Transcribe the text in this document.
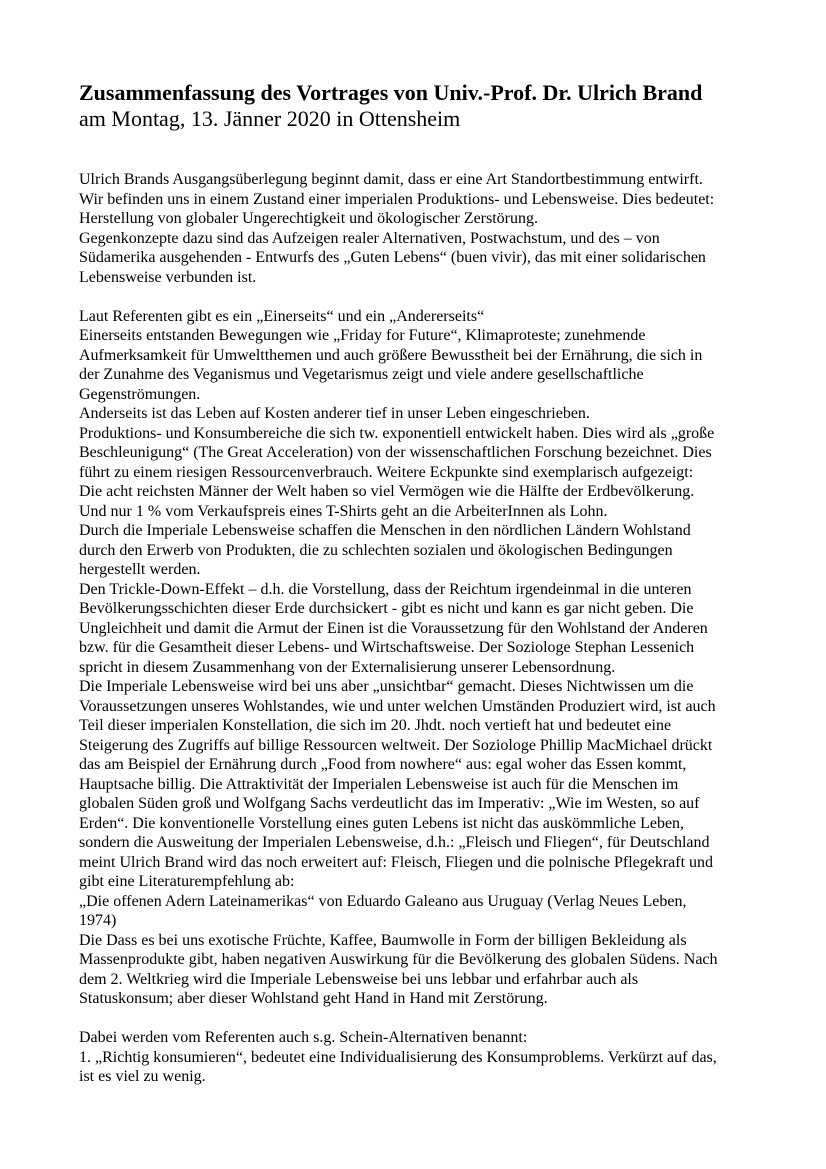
Zusammenfassung des Vortrages von Univ.-Prof. Dr. Ulrich Brand

am Montag, 13. Jänner 2020 in Ottensheim

Ulrich Brands Ausgangsüberlegung beginnt damit, dass er eine Art Standortbestimmung entwirft.

Wir befinden uns in einem Zustand einer imperialen Produktions- und Lebensweise. Dies bedeutet:

Herstellung von globaler Ungerechtigkeit und ökologischer Zerstörung.

Gegenkonzepte dazu sind das Aufzeigen realer Alternativen, Postwachstum, und des – von

Südamerika ausgehenden - Entwurfs des „Guten Lebens“ (buen vivir), das mit einer solidarischen

Lebensweise verbunden ist.

Laut Referenten gibt es ein „Einerseits“ und ein „Andererseits“

Einerseits entstanden Bewegungen wie „Friday for Future“, Klimaproteste; zunehmende

Aufmerksamkeit für Umweltthemen und auch größere Bewusstheit bei der Ernährung, die sich in

der Zunahme des Veganismus und Vegetarismus zeigt und viele andere gesellschaftliche

Gegenströmungen.

Anderseits ist das Leben auf Kosten anderer tief in unser Leben eingeschrieben.

Produktions- und Konsumbereiche die sich tw. exponentiell entwickelt haben. Dies wird als „große

Beschleunigung“ (The Great Acceleration) von der wissenschaftlichen Forschung bezeichnet. Dies

führt zu einem riesigen Ressourcenverbrauch. Weitere Eckpunkte sind exemplarisch aufgezeigt:

Die acht reichsten Männer der Welt haben so viel Vermögen wie die Hälfte der Erdbevölkerung.

Und nur 1 % vom Verkaufspreis eines T-Shirts geht an die ArbeiterInnen als Lohn.

Durch die Imperiale Lebensweise schaffen die Menschen in den nördlichen Ländern Wohlstand

durch den Erwerb von Produkten, die zu schlechten sozialen und ökologischen Bedingungen

hergestellt werden.

Den Trickle-Down-Effekt – d.h. die Vorstellung, dass der Reichtum irgendeinmal in die unteren

Bevölkerungsschichten dieser Erde durchsickert - gibt es nicht und kann es gar nicht geben. Die

Ungleichheit und damit die Armut der Einen ist die Voraussetzung für den Wohlstand der Anderen

bzw. für die Gesamtheit dieser Lebens- und Wirtschaftsweise. Der Soziologe Stephan Lessenich

spricht in diesem Zusammenhang von der Externalisierung unserer Lebensordnung.

Die Imperiale Lebensweise wird bei uns aber „unsichtbar“ gemacht. Dieses Nichtwissen um die

Voraussetzungen unseres Wohlstandes, wie und unter welchen Umständen Produziert wird, ist auch

Teil dieser imperialen Konstellation, die sich im 20. Jhdt. noch vertieft hat und bedeutet eine

Steigerung des Zugriffs auf billige Ressourcen weltweit. Der Soziologe Phillip MacMichael drückt

das am Beispiel der Ernährung durch „Food from nowhere“ aus: egal woher das Essen kommt,

Hauptsache billig. Die Attraktivität der Imperialen Lebensweise ist auch für die Menschen im

globalen Süden groß und Wolfgang Sachs verdeutlicht das im Imperativ: „Wie im Westen, so auf

Erden“. Die konventionelle Vorstellung eines guten Lebens ist nicht das auskömmliche Leben,

sondern die Ausweitung der Imperialen Lebensweise, d.h.: „Fleisch und Fliegen“, für Deutschland

meint Ulrich Brand wird das noch erweitert auf: Fleisch, Fliegen und die polnische Pflegekraft und

gibt eine Literaturempfehlung ab:

„Die offenen Adern Lateinamerikas“ von Eduardo Galeano aus Uruguay (Verlag Neues Leben,

1974)

Die Dass es bei uns exotische Früchte, Kaffee, Baumwolle in Form der billigen Bekleidung als

Massenprodukte gibt, haben negativen Auswirkung für die Bevölkerung des globalen Südens. Nach

dem 2. Weltkrieg wird die Imperiale Lebensweise bei uns lebbar und erfahrbar auch als

Statuskonsum; aber dieser Wohlstand geht Hand in Hand mit Zerstörung.

Dabei werden vom Referenten auch s.g. Schein-Alternativen benannt:

1. „Richtig konsumieren“, bedeutet eine Individualisierung des Konsumproblems. Verkürzt auf das,

ist es viel zu wenig.
